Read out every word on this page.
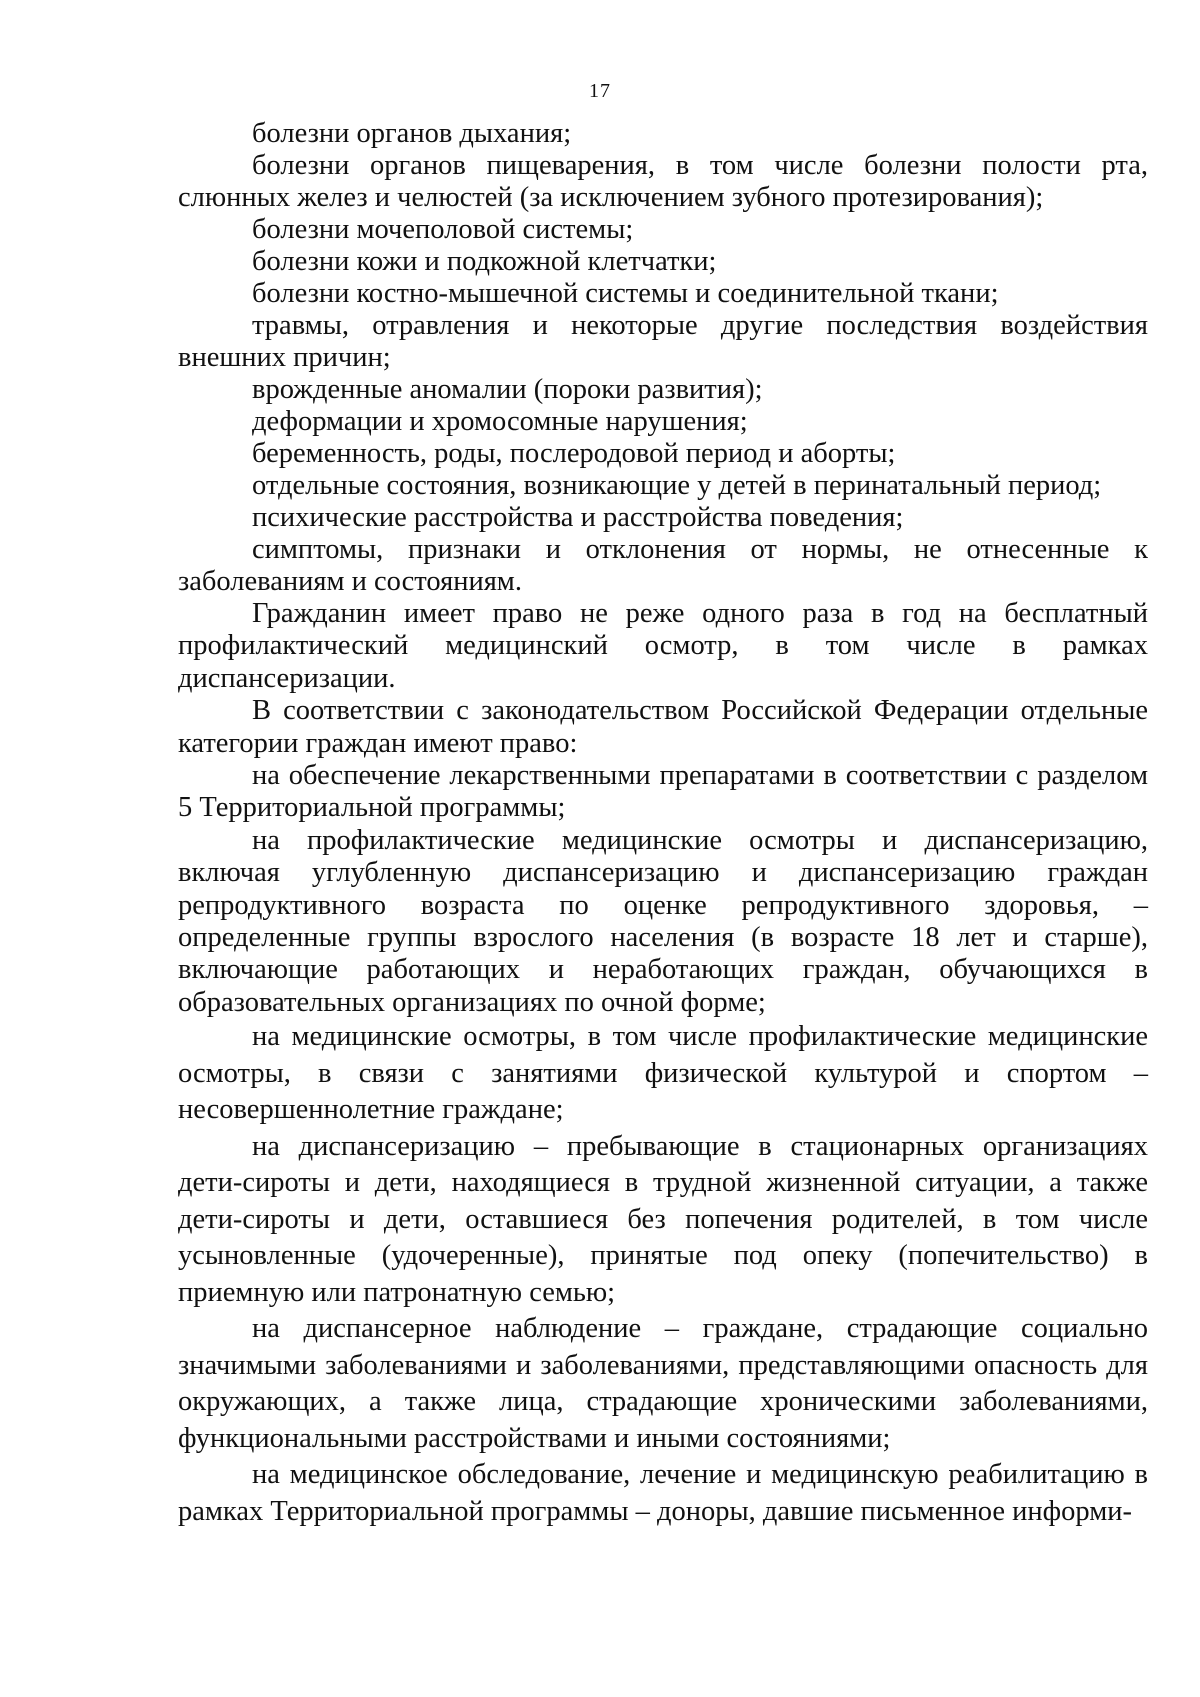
17

болезни органов дыхания;

болезни органов пищеварения, в том числе болезни полости рта, слюнных желез и челюстей (за исключением зубного протезирования);

болезни мочеполовой системы;

болезни кожи и подкожной клетчатки;

болезни костно-мышечной системы и соединительной ткани;

травмы, отравления и некоторые другие последствия воздействия внешних причин;

врожденные аномалии (пороки развития);

деформации и хромосомные нарушения;

беременность, роды, послеродовой период и аборты;

отдельные состояния, возникающие у детей в перинатальный период;

психические расстройства и расстройства поведения;

симптомы, признаки и отклонения от нормы, не отнесенные к заболеваниям и состояниям.

Гражданин имеет право не реже одного раза в год на бесплатный профилактический медицинский осмотр, в том числе в рамках диспансеризации.

В соответствии с законодательством Российской Федерации отдельные категории граждан имеют право:

на обеспечение лекарственными препаратами в соответствии с разделом 5 Территориальной программы;

на профилактические медицинские осмотры и диспансеризацию, включая углубленную диспансеризацию и диспансеризацию граждан репродуктивного возраста по оценке репродуктивного здоровья, – определенные группы взрослого населения (в возрасте 18 лет и старше), включающие работающих и неработающих граждан, обучающихся в образовательных организациях по очной форме;

на медицинские осмотры, в том числе профилактические медицинские осмотры, в связи с занятиями физической культурой и спортом – несовершеннолетние граждане;

на диспансеризацию – пребывающие в стационарных организациях дети-сироты и дети, находящиеся в трудной жизненной ситуации, а также дети-сироты и дети, оставшиеся без попечения родителей, в том числе усыновленные (удочеренные), принятые под опеку (попечительство) в приемную или патронатную семью;

на диспансерное наблюдение – граждане, страдающие социально значимыми заболеваниями и заболеваниями, представляющими опасность для окружающих, а также лица, страдающие хроническими заболеваниями, функциональными расстройствами и иными состояниями;

на медицинское обследование, лечение и медицинскую реабилитацию в рамках Территориальной программы – доноры, давшие письменное информи-
